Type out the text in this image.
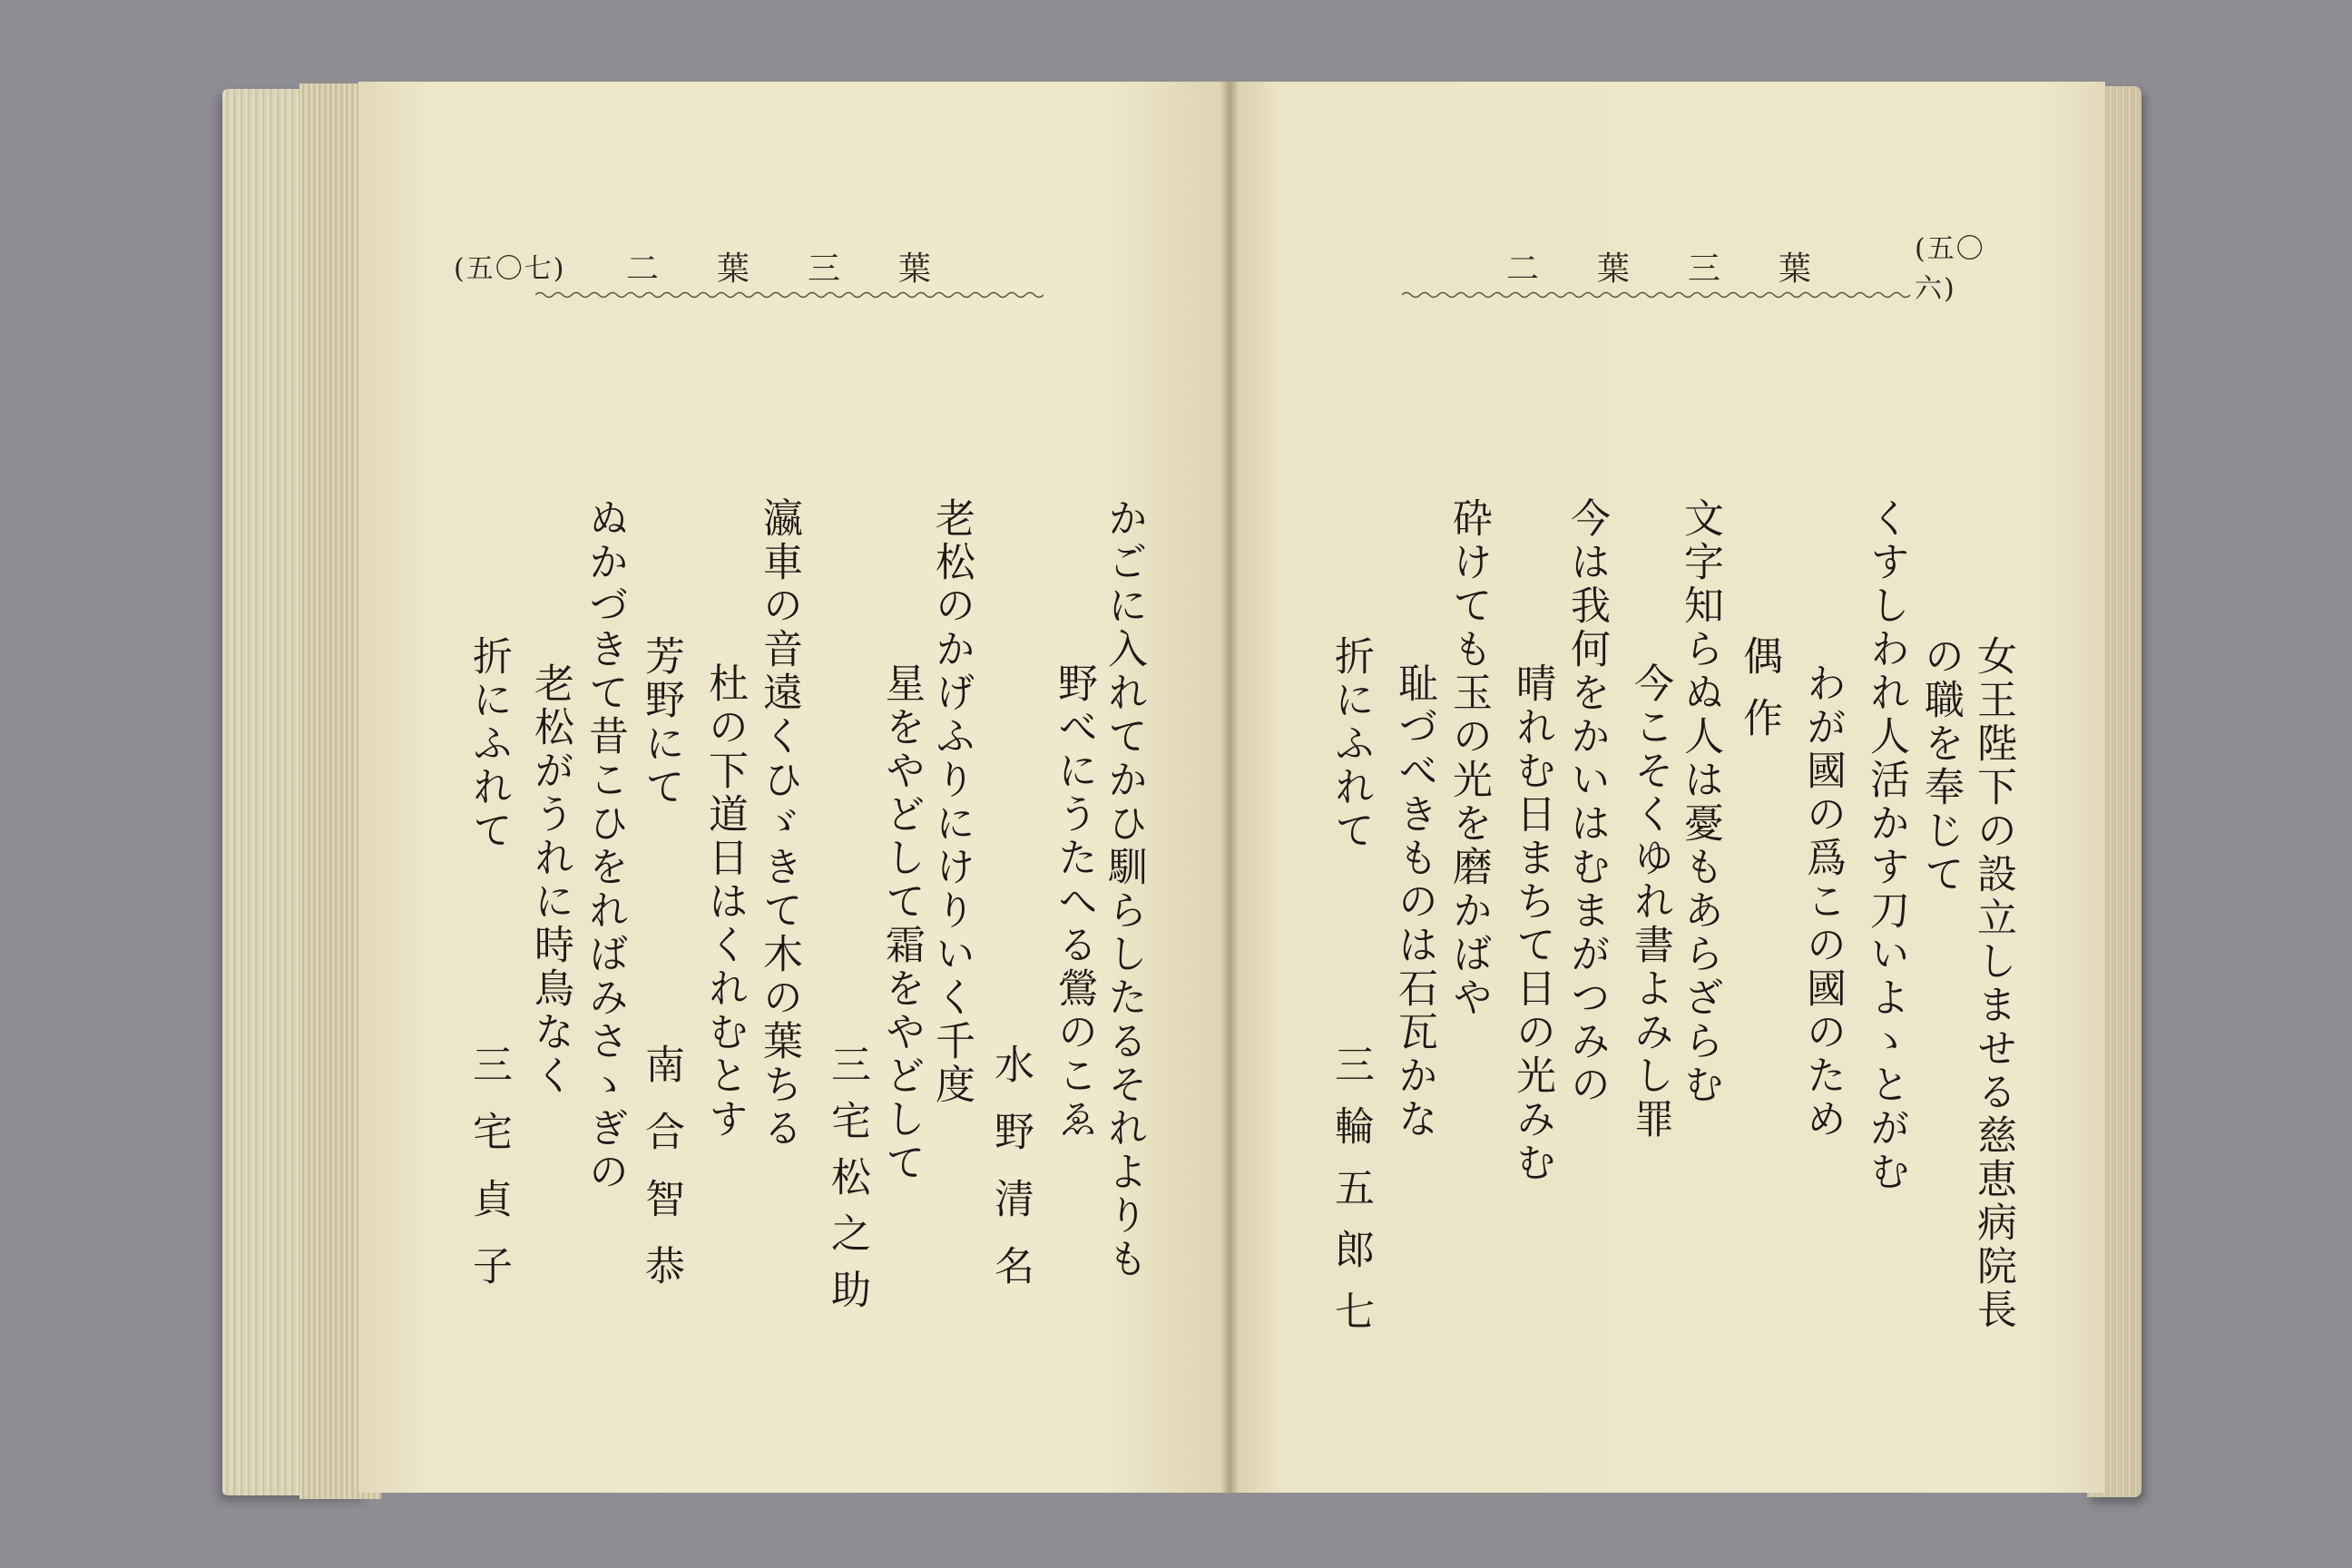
(五〇七) 二葉三葉	二葉三葉
(五〇六)
かごに入れてかひ馴らしたるそれよりも
野べにうたへる鶯のこゑ
水野清名
老松のかげふりにけりいく千度
星をやどして霜をやどして
三宅松之助
瀛車の音遠くひゞきて木の葉ちる
杜の下道日はくれむとす
南合智恭
芳野にて
ぬかづきて昔こひをればみさゝぎの
老松がうれに時鳥なく
三宅貞子
折にふれて	女王陛下の設立しませる慈恵病院長
の職を奉じて
くすしわれ人活かす刀いよゝとがむ
わが國の爲この國のため
偶作
文字知らぬ人は憂もあらざらむ
今こそくゆれ書よみし罪
今は我何をかいはむまがつみの
晴れむ日まちて日の光みむ
砕けても玉の光を磨かばや
耻づべきものは石瓦かな
三輪五郎七
折にふれて
